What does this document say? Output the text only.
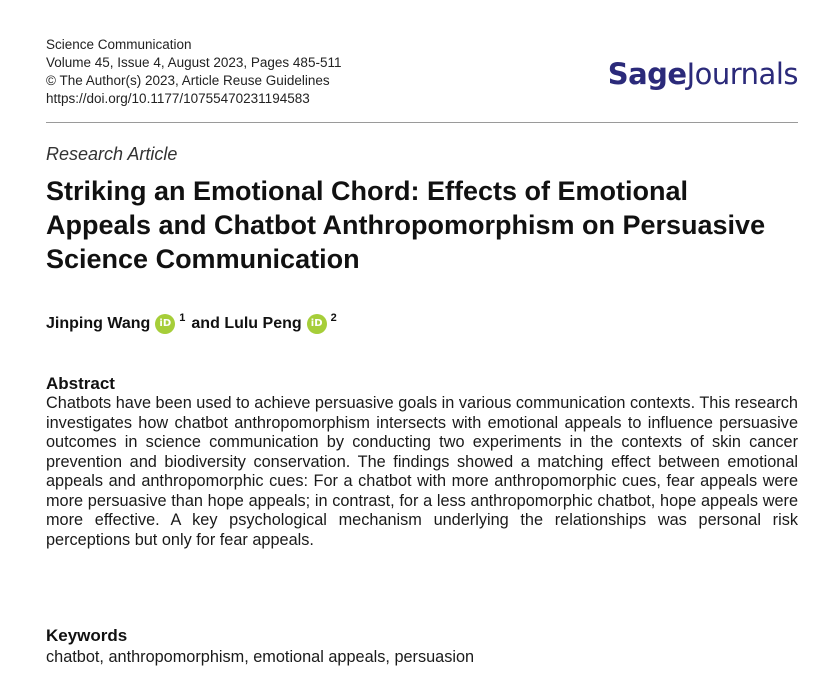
Science Communication
Volume 45, Issue 4, August 2023, Pages 485-511
© The Author(s) 2023, Article Reuse Guidelines
https://doi.org/10.1177/10755470231194583
SageJournals
Research Article
Striking an Emotional Chord: Effects of Emotional Appeals and Chatbot Anthropomorphism on Persuasive Science Communication
Jinping Wang iD 1 and
Lulu Peng iD 2
Abstract

Chatbots have been used to achieve persuasive goals in various communication contexts. This research investigates how chatbot anthropomorphism intersects with emotional appeals to influence persuasive outcomes in science communication by conducting two experiments in the contexts of skin cancer prevention and biodiversity conservation. The findings showed a matching effect between emotional appeals and anthropomorphic cues: For a chatbot with more anthropomorphic cues, fear appeals were more persuasive than hope appeals; in contrast, for a less anthropomorphic chatbot, hope appeals were more effective. A key psychological mechanism underlying the relationships was personal risk perceptions but only for fear appeals.

Keywords

chatbot, anthropomorphism, emotional appeals, persuasion
